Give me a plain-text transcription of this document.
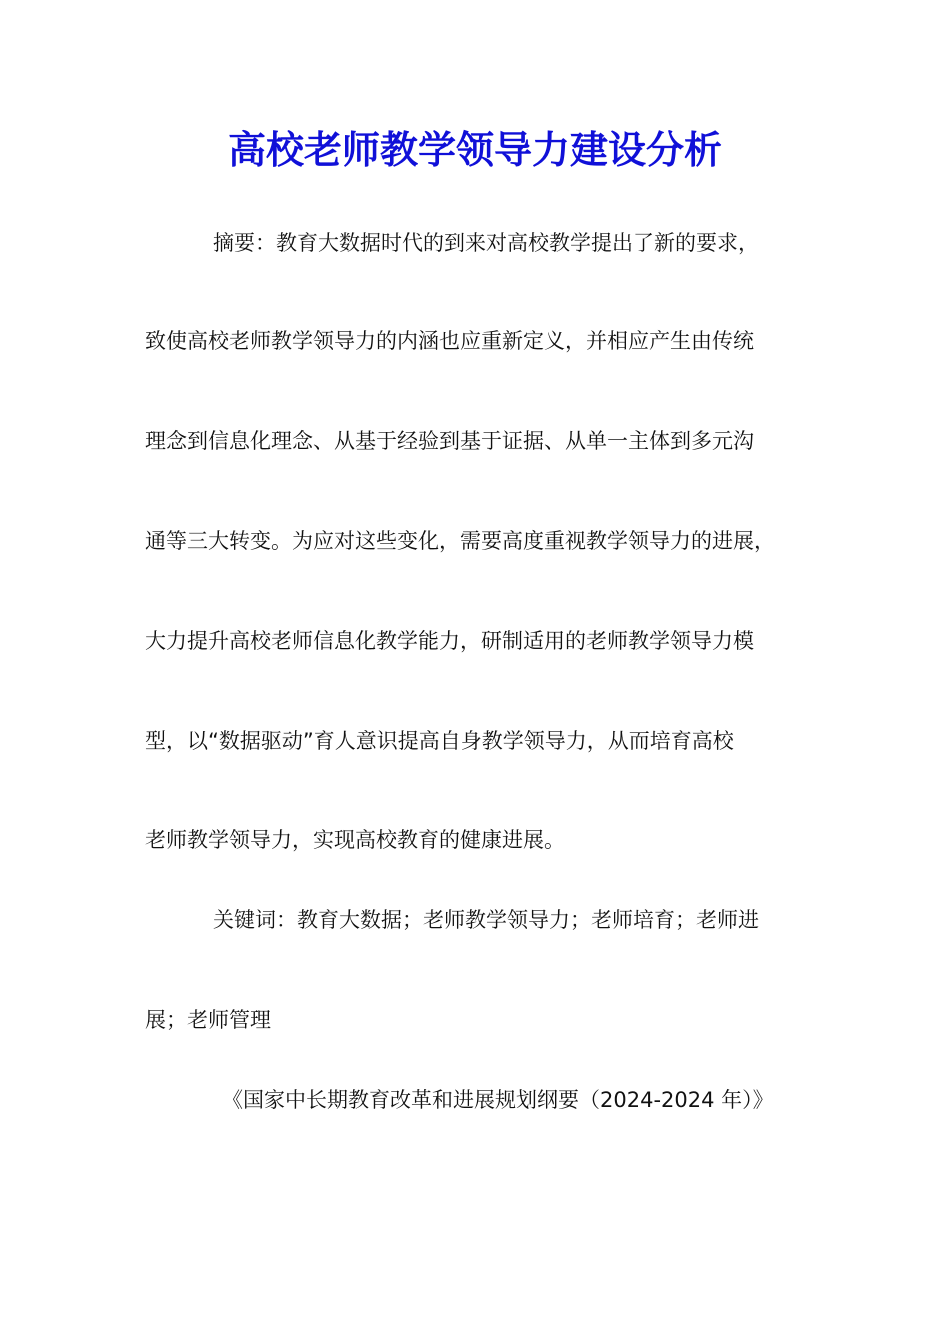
高校老师教学领导力建设分析
摘要：教育大数据时代的到来对高校教学提出了新的要求，
致使高校老师教学领导力的内涵也应重新定义，并相应产生由传统
理念到信息化理念、从基于经验到基于证据、从单一主体到多元沟
通等三大转变。为应对这些变化，需要高度重视教学领导力的进展，
大力提升高校老师信息化教学能力，研制适用的老师教学领导力模
型，以“数据驱动”育人意识提高自身教学领导力，从而培育高校
老师教学领导力，实现高校教育的健康进展。
关键词：教育大数据；老师教学领导力；老师培育；老师进
展；老师管理
《国家中长期教育改革和进展规划纲要（2024-2024 年）》
